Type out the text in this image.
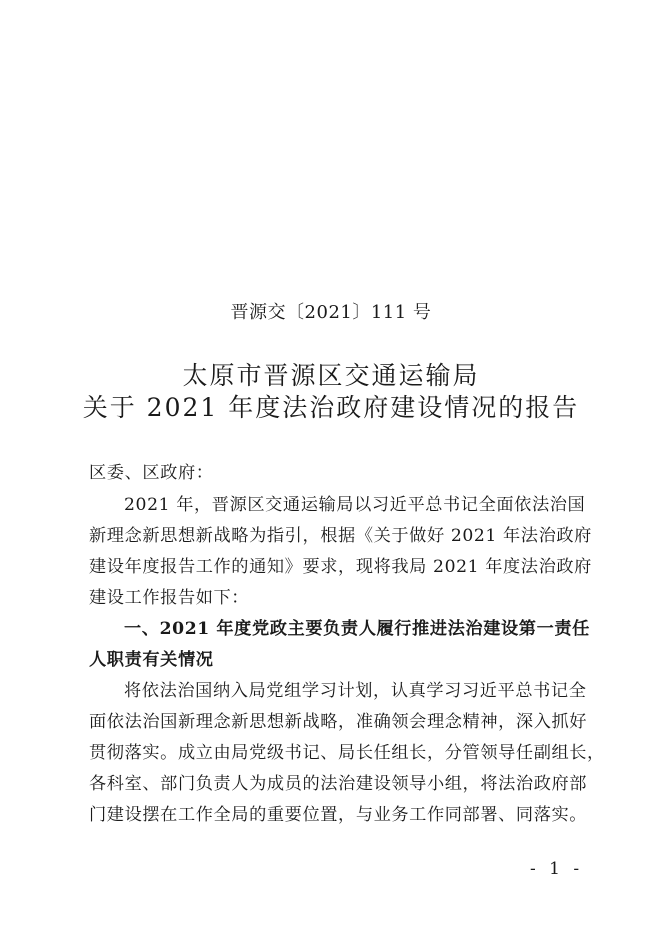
晋源交〔2021〕111 号
太原市晋源区交通运输局
关于 2021 年度法治政府建设情况的报告
区委、区政府：
2021 年，晋源区交通运输局以习近平总书记全面依法治国
新理念新思想新战略为指引，根据《关于做好 2021 年法治政府
建设年度报告工作的通知》要求，现将我局 2021 年度法治政府
建设工作报告如下：
一、2021 年度党政主要负责人履行推进法治建设第一责任
人职责有关情况
将依法治国纳入局党组学习计划，认真学习习近平总书记全
面依法治国新理念新思想新战略，准确领会理念精神，深入抓好
贯彻落实。成立由局党级书记、局长任组长，分管领导任副组长，
各科室、部门负责人为成员的法治建设领导小组，将法治政府部
门建设摆在工作全局的重要位置，与业务工作同部署、同落实。
- 1 -
